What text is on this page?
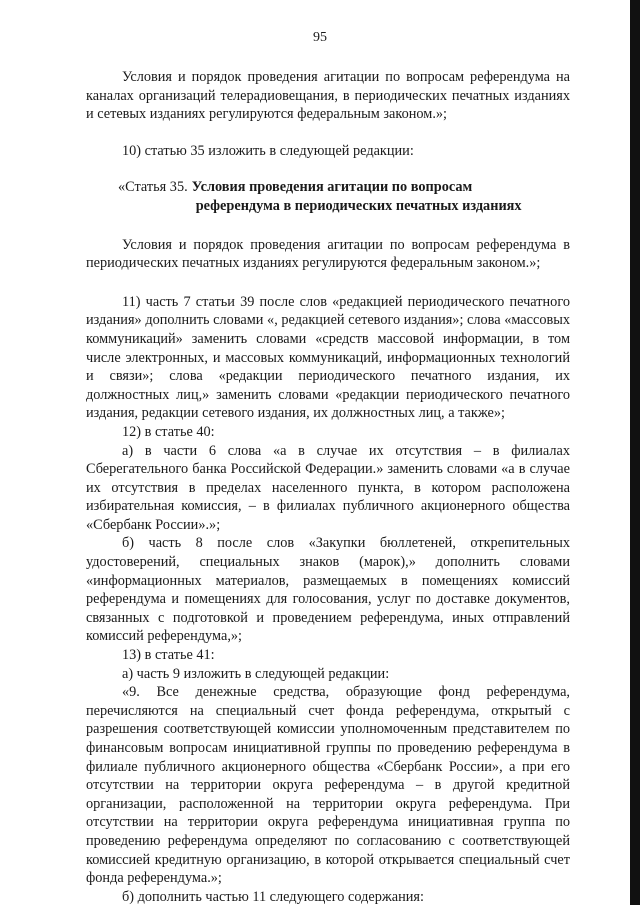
95

Условия и порядок проведения агитации по вопросам референдума на каналах организаций телерадиовещания, в периодических печатных изданиях и сетевых изданиях регулируются федеральным законом.»;

10) статью 35 изложить в следующей редакции:

«Статья 35. Условия проведения агитации по вопросам
референдума в периодических печатных изданиях

Условия и порядок проведения агитации по вопросам референдума в периодических печатных изданиях регулируются федеральным законом.»;

11) часть 7 статьи 39 после слов «редакцией периодического печатного издания» дополнить словами «, редакцией сетевого издания»; слова «массовых коммуникаций» заменить словами «средств массовой информации, в том числе электронных, и массовых коммуникаций, информационных технологий и связи»; слова «редакции периодического печатного издания, их должностных лиц,» заменить словами «редакции периодического печатного издания, редакции сетевого издания, их должностных лиц, а также»;

12) в статье 40:

а) в части 6 слова «а в случае их отсутствия – в филиалах Сберегательного банка Российской Федерации.» заменить словами «а в случае их отсутствия в пределах населенного пункта, в котором расположена избирательная комиссия, – в филиалах публичного акционерного общества «Сбербанк России».»;

б) часть 8 после слов «Закупки бюллетеней, открепительных удостоверений, специальных знаков (марок),» дополнить словами «информационных материалов, размещаемых в помещениях комиссий референдума и помещениях для голосования, услуг по доставке документов, связанных с подготовкой и проведением референдума, иных отправлений комиссий референдума,»;

13) в статье 41:

а) часть 9 изложить в следующей редакции:

«9. Все денежные средства, образующие фонд референдума, перечисляются на специальный счет фонда референдума, открытый с разрешения соответствующей комиссии уполномоченным представителем по финансовым вопросам инициативной группы по проведению референдума в филиале публичного акционерного общества «Сбербанк России», а при его отсутствии на территории округа референдума – в другой кредитной организации, расположенной на территории округа референдума. При отсутствии на территории округа референдума инициативная группа по проведению референдума определяют по согласованию с соответствующей комиссией кредитную организацию, в которой открывается специальный счет фонда референдума.»;

б) дополнить частью 11 следующего содержания:
